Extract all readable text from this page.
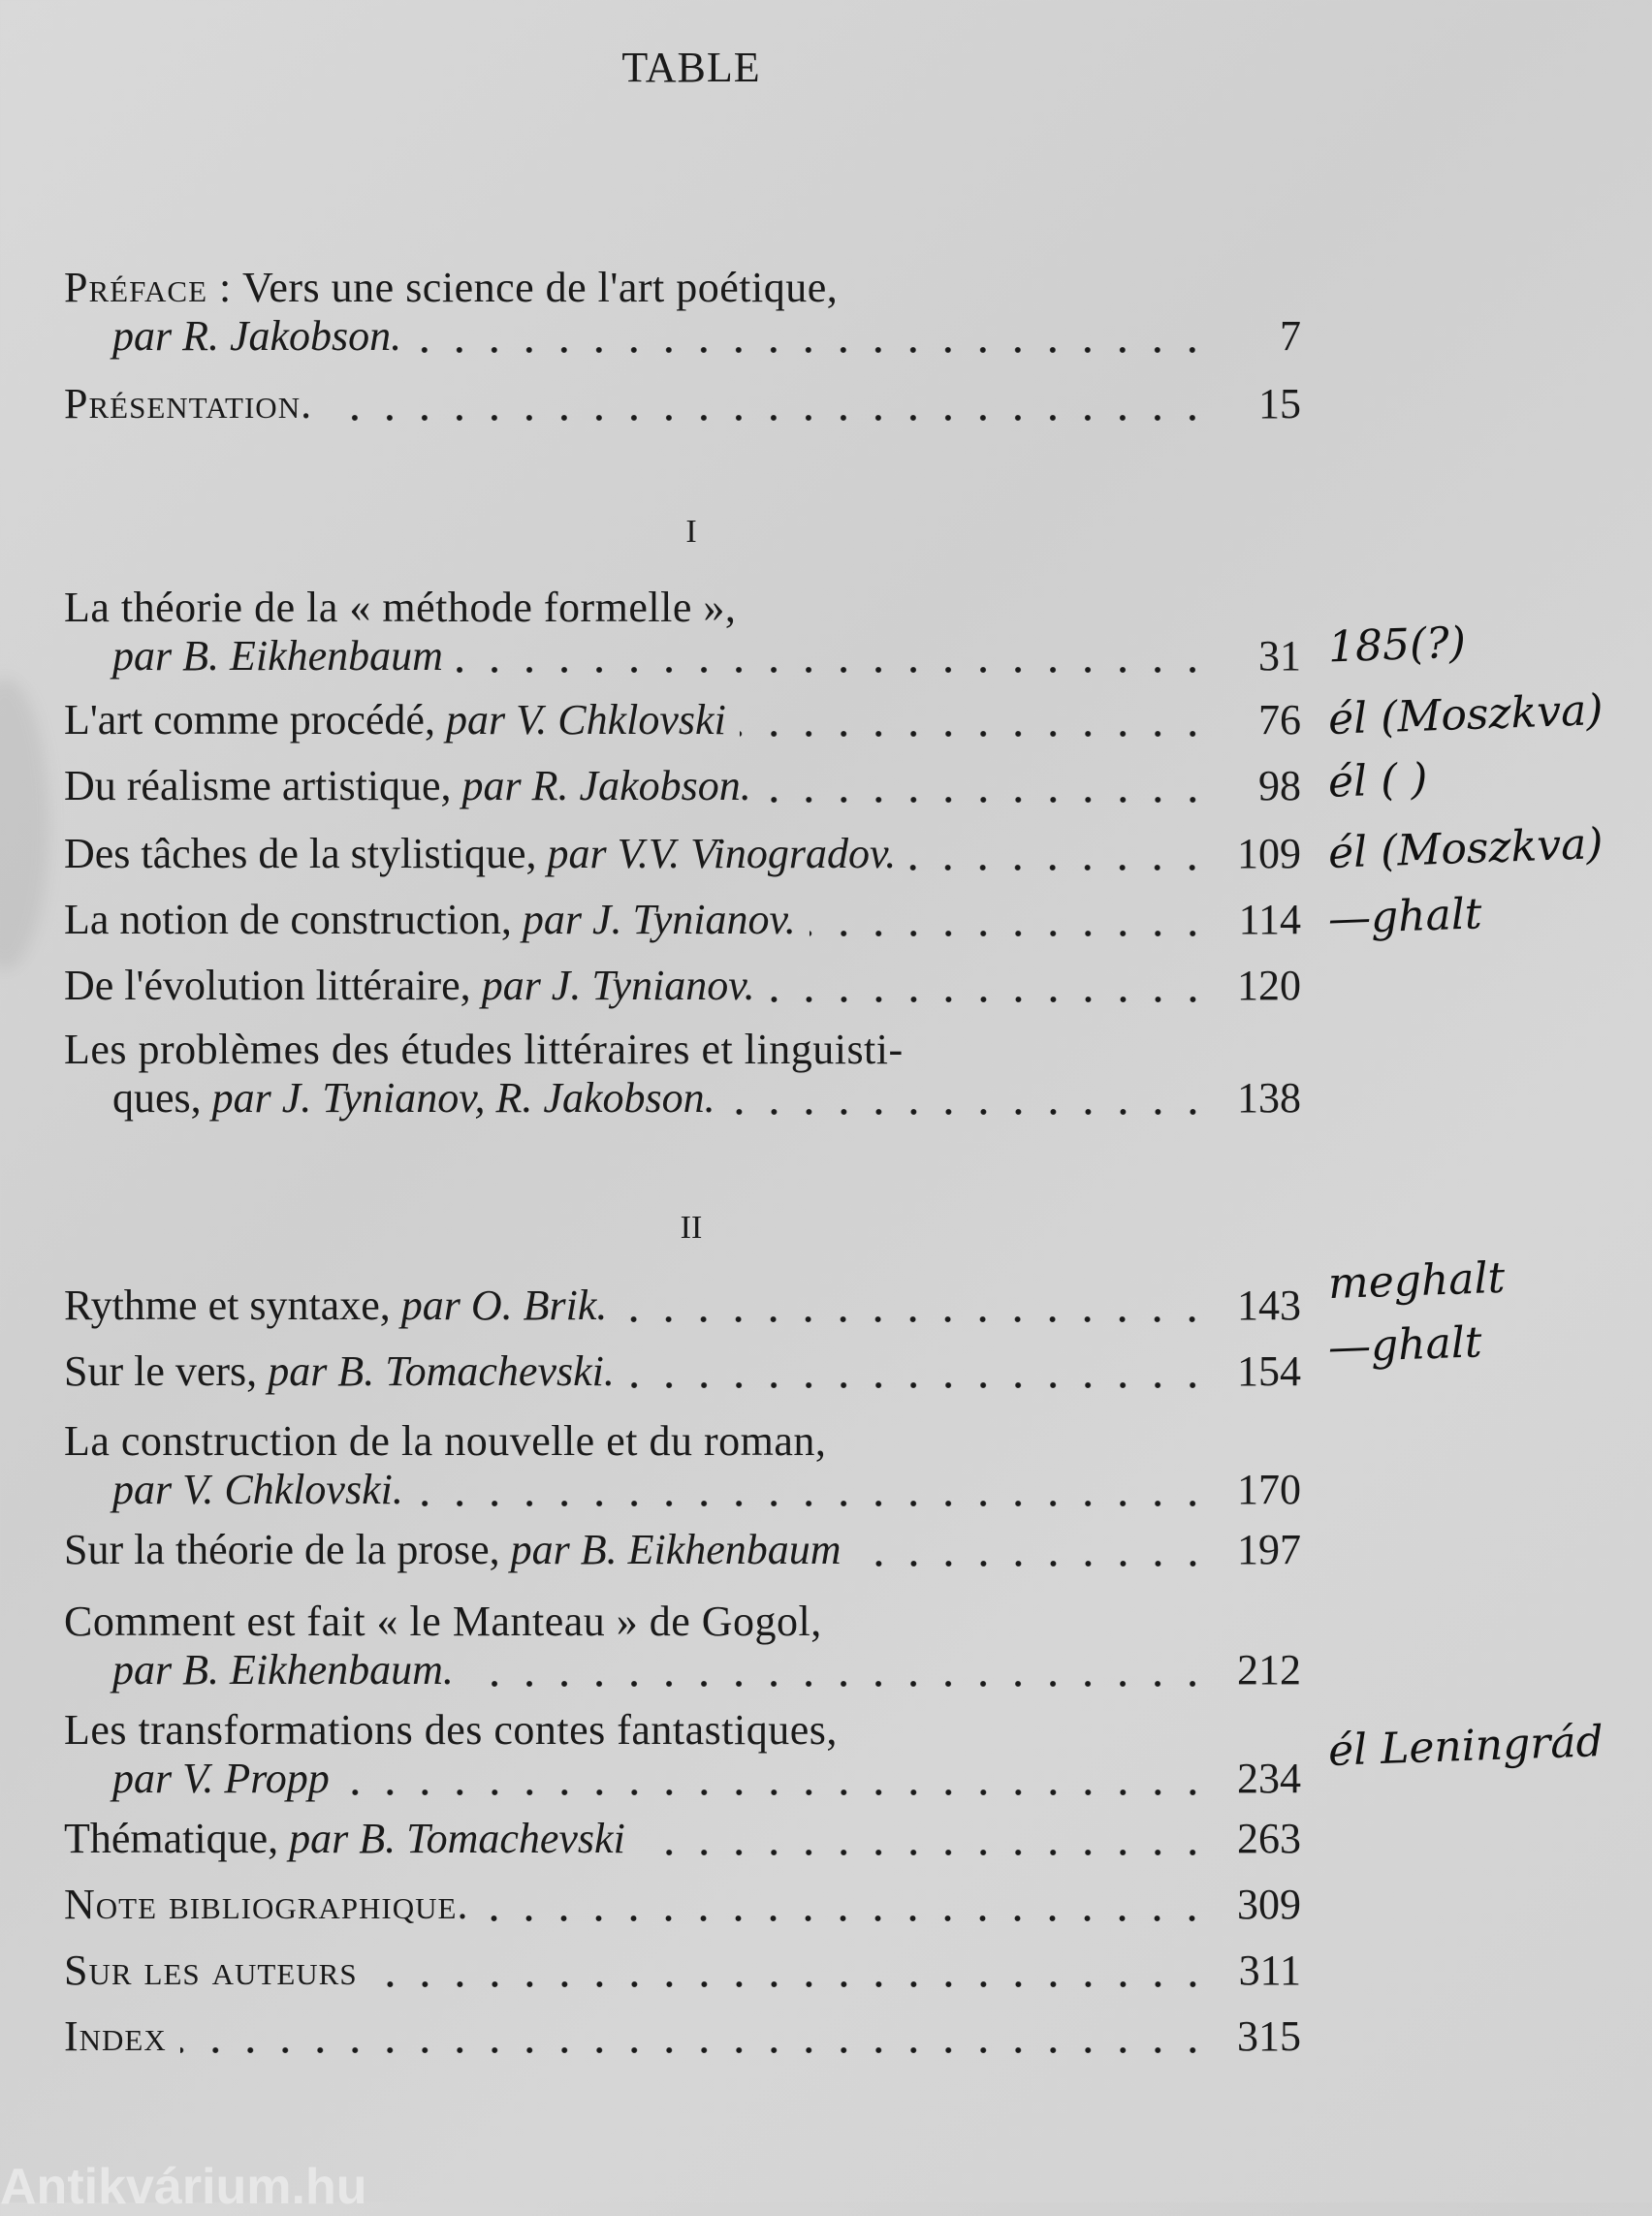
TABLE
Préface : Vers une science de l'art poétique,
par R. Jakobson.	7
Présentation.	15
I
La théorie de la « méthode formelle »,
par B. Eikhenbaum	31
L'art comme procédé, par V. Chklovski	76
Du réalisme artistique, par R. Jakobson.	98
Des tâches de la stylistique, par V.V. Vinogradov.	109
La notion de construction, par J. Tynianov.	114
De l'évolution littéraire, par J. Tynianov.	120
Les problèmes des études littéraires et linguisti-
ques, par J. Tynianov, R. Jakobson.	138
Rythme et syntaxe, par O. Brik.	143
Sur le vers, par B. Tomachevski.	154
La construction de la nouvelle et du roman,
par V. Chklovski.	170
Sur la théorie de la prose, par B. Eikhenbaum	197
Comment est fait « le Manteau » de Gogol,
par B. Eikhenbaum.	212
Les transformations des contes fantastiques,
par V. Propp	234
Thématique, par B. Tomachevski	263
II
Note bibliographique.	309
Sur les auteurs	311
Index	315
185(?)
él (Moszkva)
él ( )
él (Moszkva)
—ghalt
meghalt
—ghalt
él Leningrád
Antikvárium.hu
